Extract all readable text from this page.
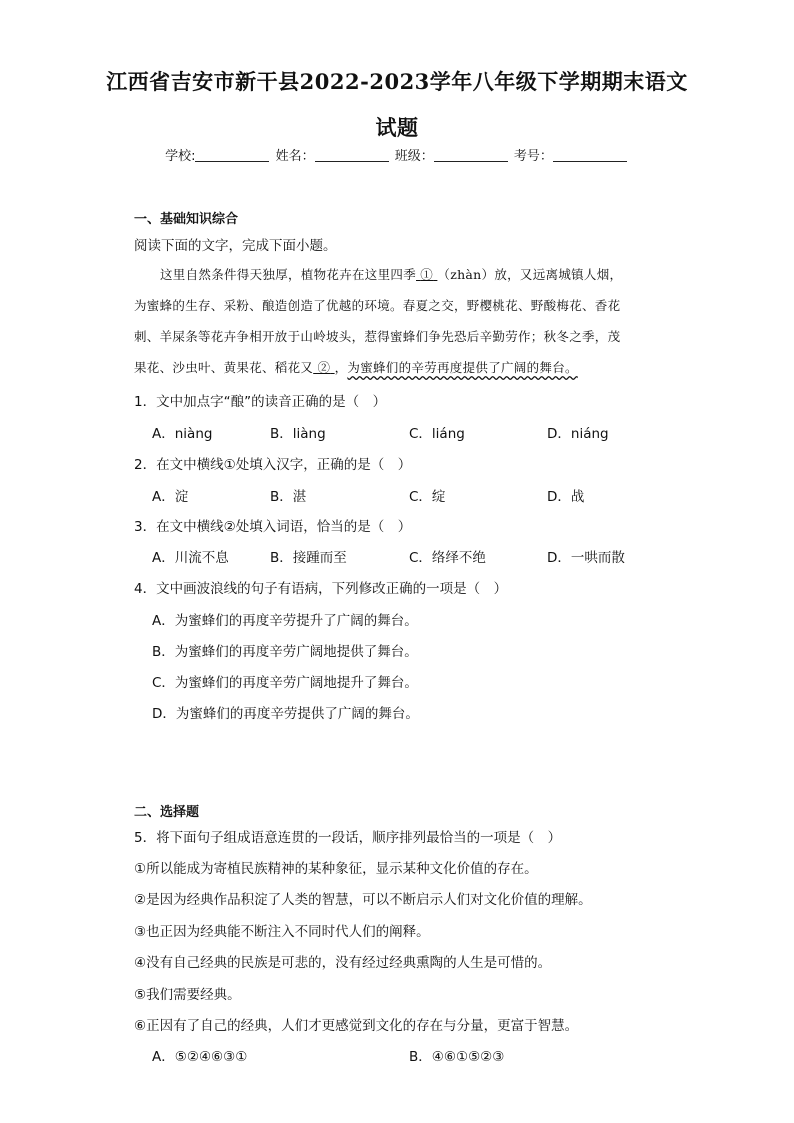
江西省吉安市新干县2022-2023学年八年级下学期期末语文
试题
学校:	姓名：	班级：	考号：
一、基础知识综合
阅读下面的文字，完成下面小题。
这里自然条件得天独厚，植物花卉在这里四季 ① （zhàn）放，又远离城镇人烟，
为蜜蜂的生存、采粉、酿造创造了优越的环境。春夏之交，野樱桃花、野酸梅花、香花
刺、羊屎条等花卉争相开放于山岭坡头，惹得蜜蜂们争先恐后辛勤劳作；秋冬之季，茂
果花、沙虫叶、黄果花、稻花又 ② ，为蜜蜂们的辛劳再度提供了广阔的舞台。
1．文中加点字“酿”的读音正确的是（　）
A．niàng	B．liàng	C．liáng	D．niáng
2．在文中横线①处填入汉字，正确的是（　）
A．淀	B．湛	C．绽	D．战
3．在文中横线②处填入词语，恰当的是（　）
A．川流不息	B．接踵而至	C．络绎不绝	D．一哄而散
4．文中画波浪线的句子有语病，下列修改正确的一项是（　）
A．为蜜蜂们的再度辛劳提升了广阔的舞台。
B．为蜜蜂们的再度辛劳广阔地提供了舞台。
C．为蜜蜂们的再度辛劳广阔地提升了舞台。
D．为蜜蜂们的再度辛劳提供了广阔的舞台。
二、选择题
5．将下面句子组成语意连贯的一段话，顺序排列最恰当的一项是（　）
①所以能成为寄植民族精神的某种象征，显示某种文化价值的存在。
②是因为经典作品积淀了人类的智慧，可以不断启示人们对文化价值的理解。
③也正因为经典能不断注入不同时代人们的阐释。
④没有自己经典的民族是可悲的，没有经过经典熏陶的人生是可惜的。
⑤我们需要经典。
⑥正因有了自己的经典，人们才更感觉到文化的存在与分量，更富于智慧。
A．⑤②④⑥③①	B．④⑥①⑤②③
